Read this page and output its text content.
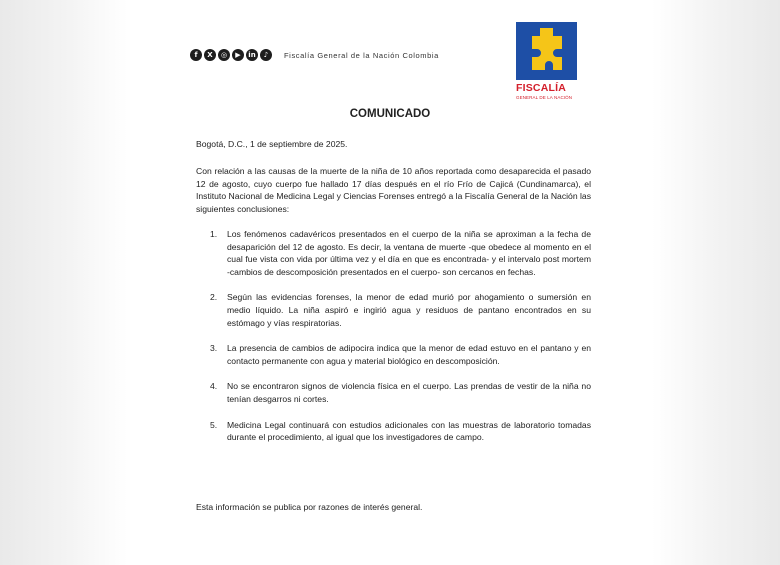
f	X	◎	▶	in	♪	Fiscalía General de la Nación Colombia
FISCALÍA
GENERAL DE LA NACIÓN
COMUNICADO
Bogotá, D.C., 1 de septiembre de 2025.
Con relación a las causas de la muerte de la niña de 10 años reportada como desaparecida el pasado 12 de agosto, cuyo cuerpo fue hallado 17 días después en el río Frío de Cajicá (Cundinamarca), el Instituto Nacional de Medicina Legal y Ciencias Forenses entregó a la Fiscalía General de la Nación las siguientes conclusiones:
1.	Los fenómenos cadavéricos presentados en el cuerpo de la niña se aproximan a la fecha de desaparición del 12 de agosto. Es decir, la ventana de muerte -que obedece al momento en el cual fue vista con vida por última vez y el día en que es encontrada- y el intervalo post mortem -cambios de descomposición presentados en el cuerpo- son cercanos en fechas.
2.	Según las evidencias forenses, la menor de edad murió por ahogamiento o sumersión en medio líquido. La niña aspiró e ingirió agua y residuos de pantano encontrados en su estómago y vías respiratorias.
3.	La presencia de cambios de adipocira indica que la menor de edad estuvo en el pantano y en contacto permanente con agua y material biológico en descomposición.
4.	No se encontraron signos de violencia física en el cuerpo. Las prendas de vestir de la niña no tenían desgarros ni cortes.
5.	Medicina Legal continuará con estudios adicionales con las muestras de laboratorio tomadas durante el procedimiento, al igual que los investigadores de campo.
Esta información se publica por razones de interés general.
